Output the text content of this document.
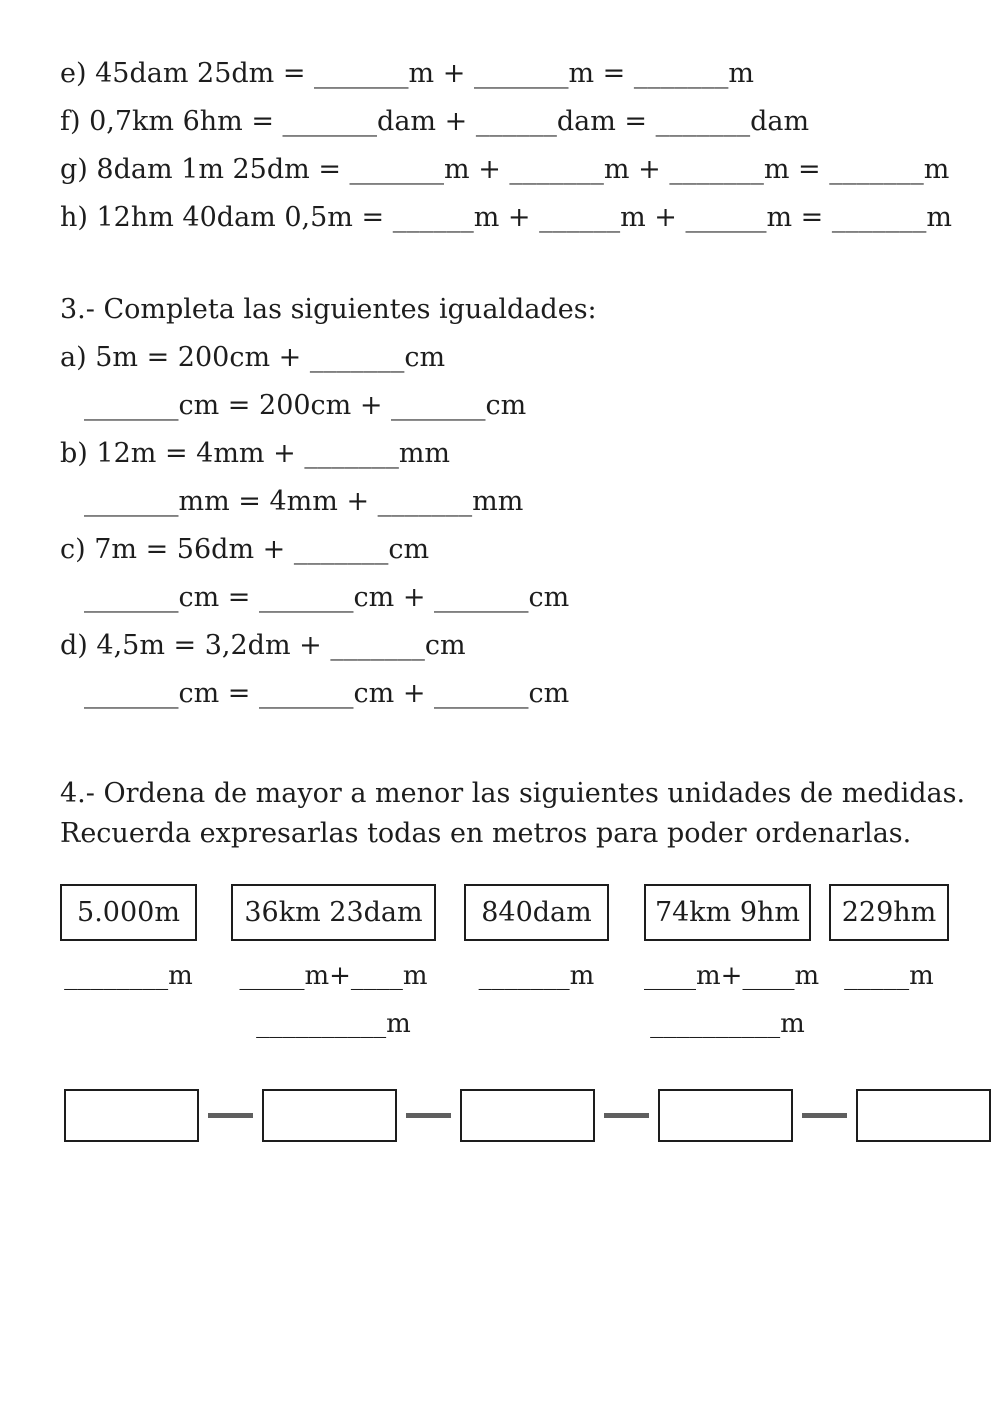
e) 45dam 25dm = _______m + _______m = _______m
f) 0,7km 6hm = _______dam + ______dam = _______dam
g) 8dam 1m 25dm = _______m + _______m + _______m = _______m
h) 12hm 40dam 0,5m = ______m + ______m + ______m = _______m
3.- Completa las siguientes igualdades:
a) 5m = 200cm + _______cm
_______cm = 200cm + _______cm
b) 12m = 4mm + _______mm
_______mm = 4mm + _______mm
c) 7m = 56dm + _______cm
_______cm = _______cm + _______cm
d) 4,5m = 3,2dm + _______cm
_______cm = _______cm + _______cm
4.- Ordena de mayor a menor las siguientes unidades de medidas.
Recuerda expresarlas todas en metros para poder ordenarlas.
5.000m	36km 23dam	840dam	74km 9hm	229hm
________m	_____m+____m	_______m	____m+____m _____m
__________m	__________m
